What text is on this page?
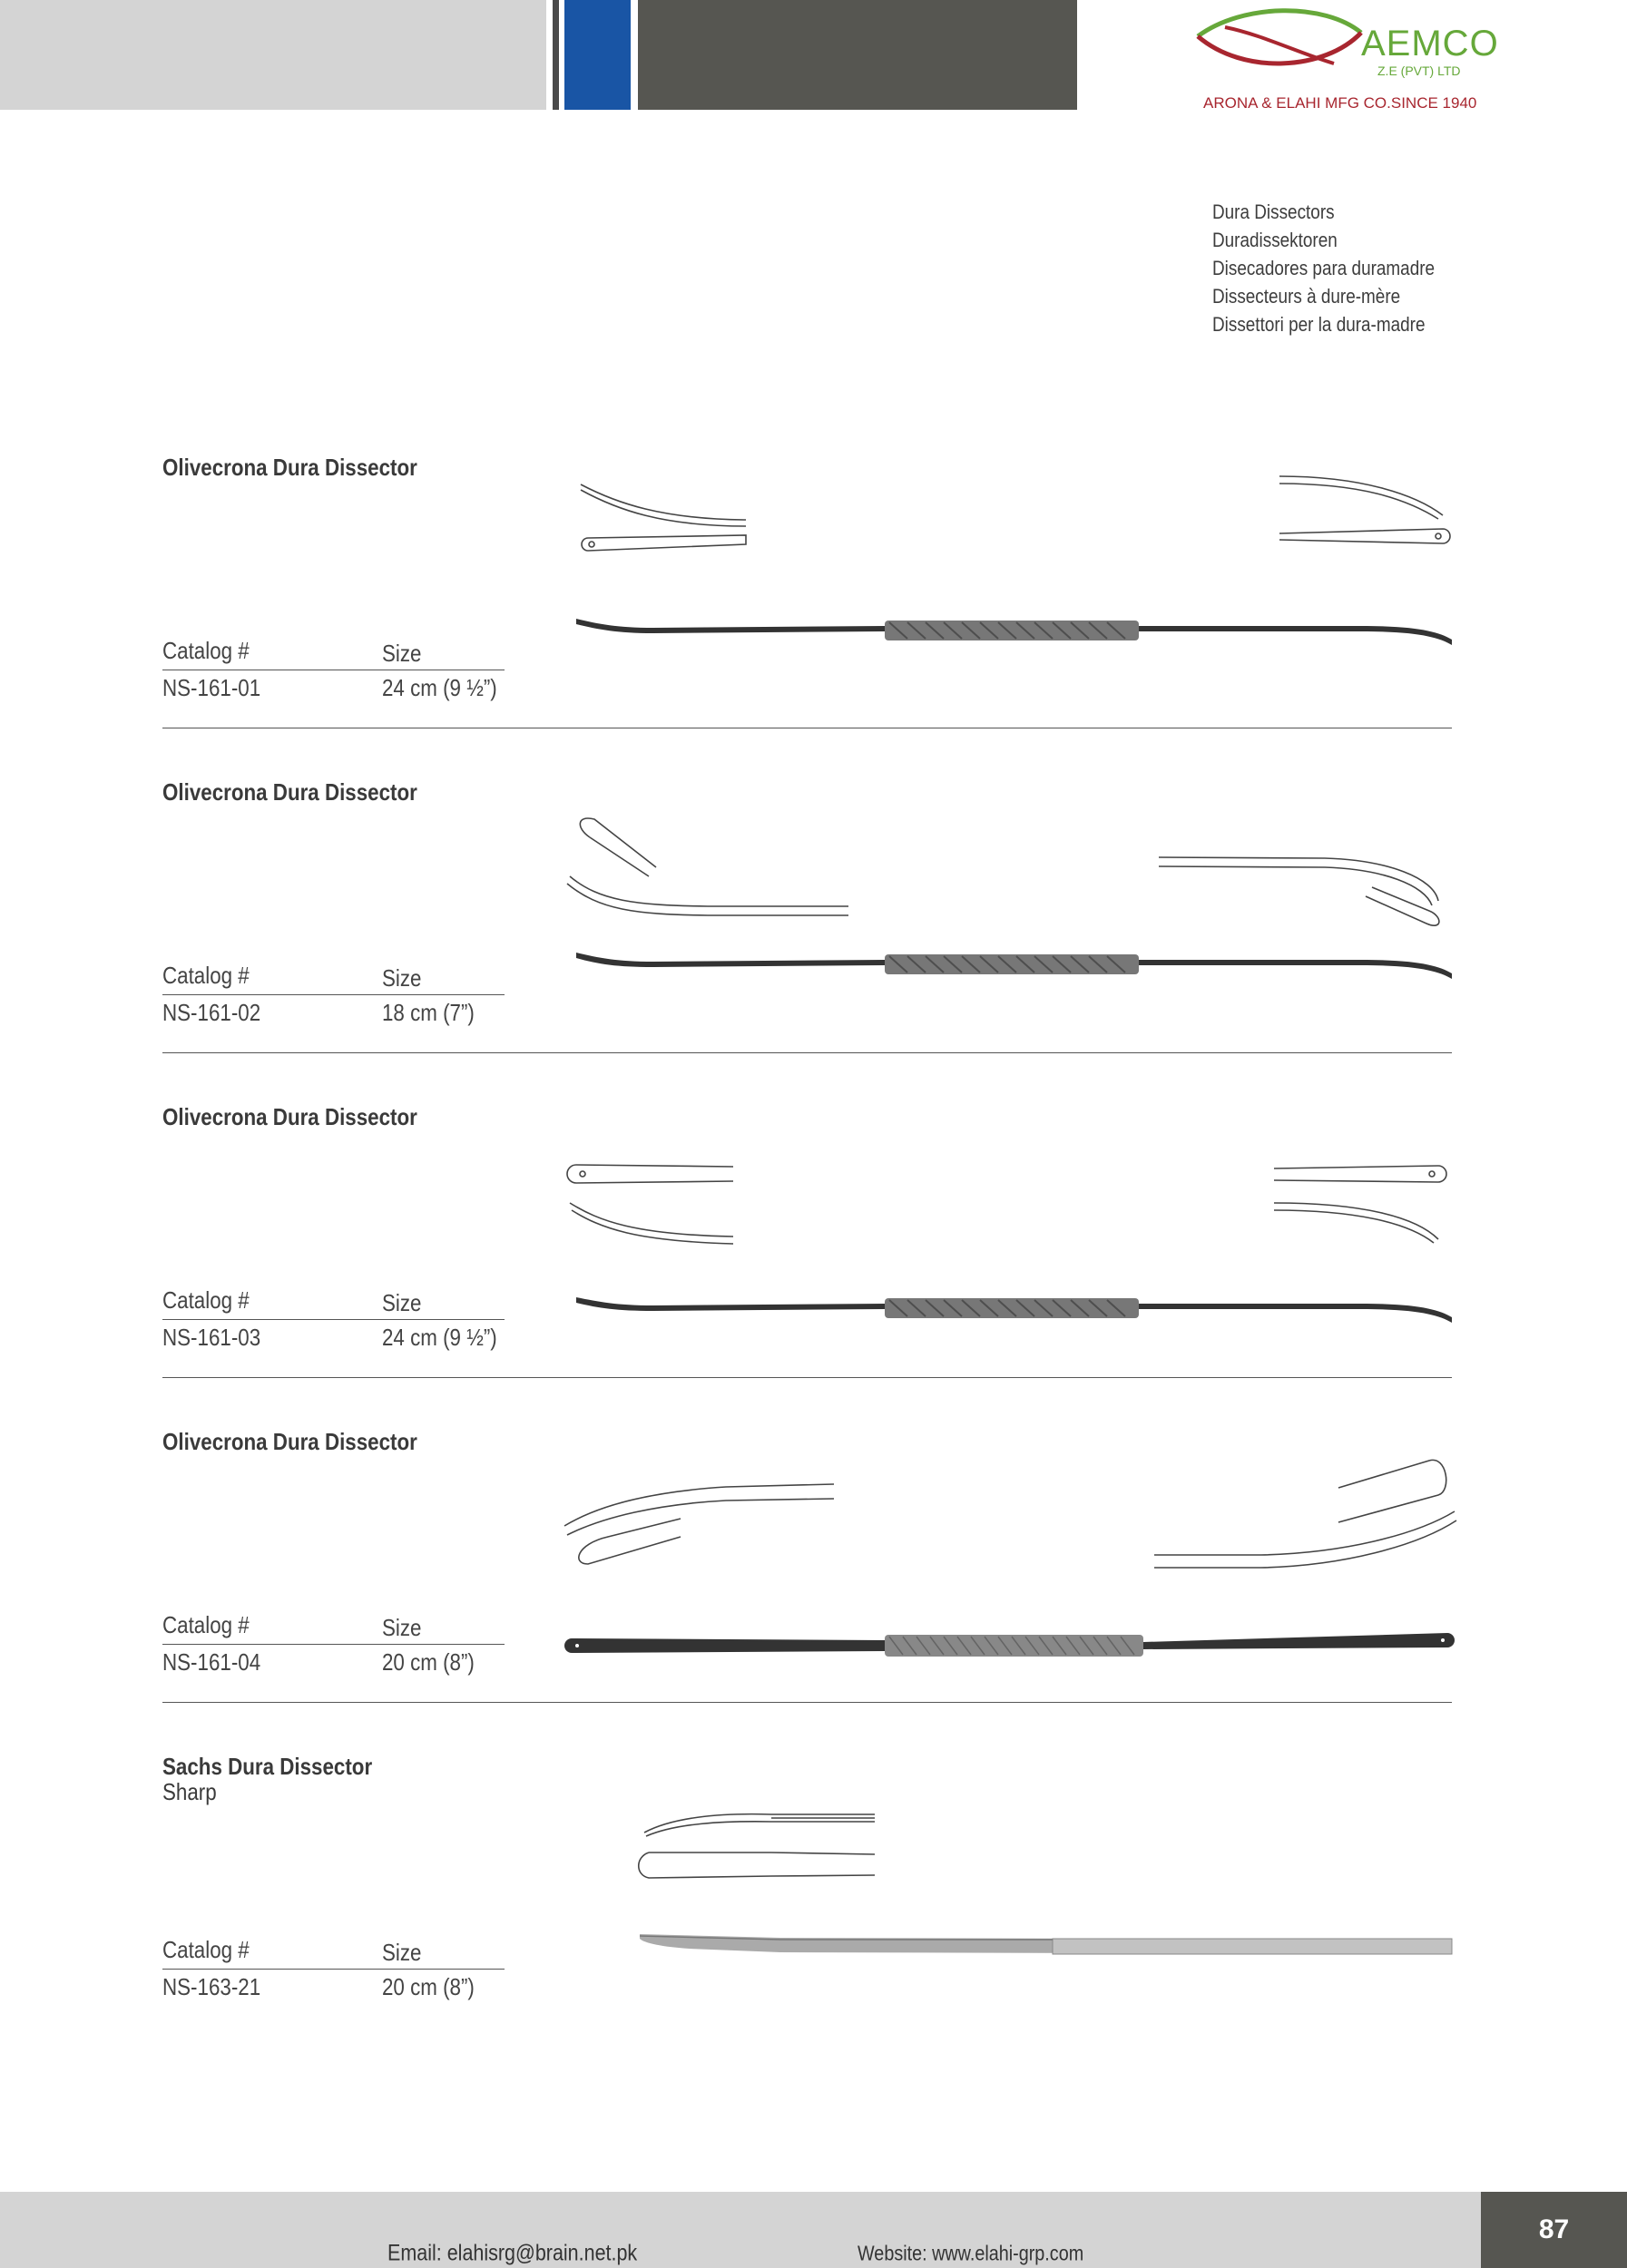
AEMCO
Z.E (PVT) LTD
ARONA & ELAHI MFG CO.SINCE 1940
Dura Dissectors
Duradissektoren
Disecadores para duramadre
Dissecteurs à dure-mère
Dissettori per la dura-madre
Olivecrona Dura Dissector
Catalog #	Size
NS-161-01	24 cm (9 ½”)
Olivecrona Dura Dissector
Catalog #	Size
NS-161-02	18 cm (7”)
Olivecrona Dura Dissector
Catalog #	Size
NS-161-03	24 cm (9 ½”)
Olivecrona Dura Dissector
Catalog #	Size
NS-161-04	20 cm (8”)
Sachs Dura Dissector
Sharp
Catalog #	Size
NS-163-21	20 cm (8”)
Email: elahisrg@brain.net.pk	Website: www.elahi-grp.com
87
